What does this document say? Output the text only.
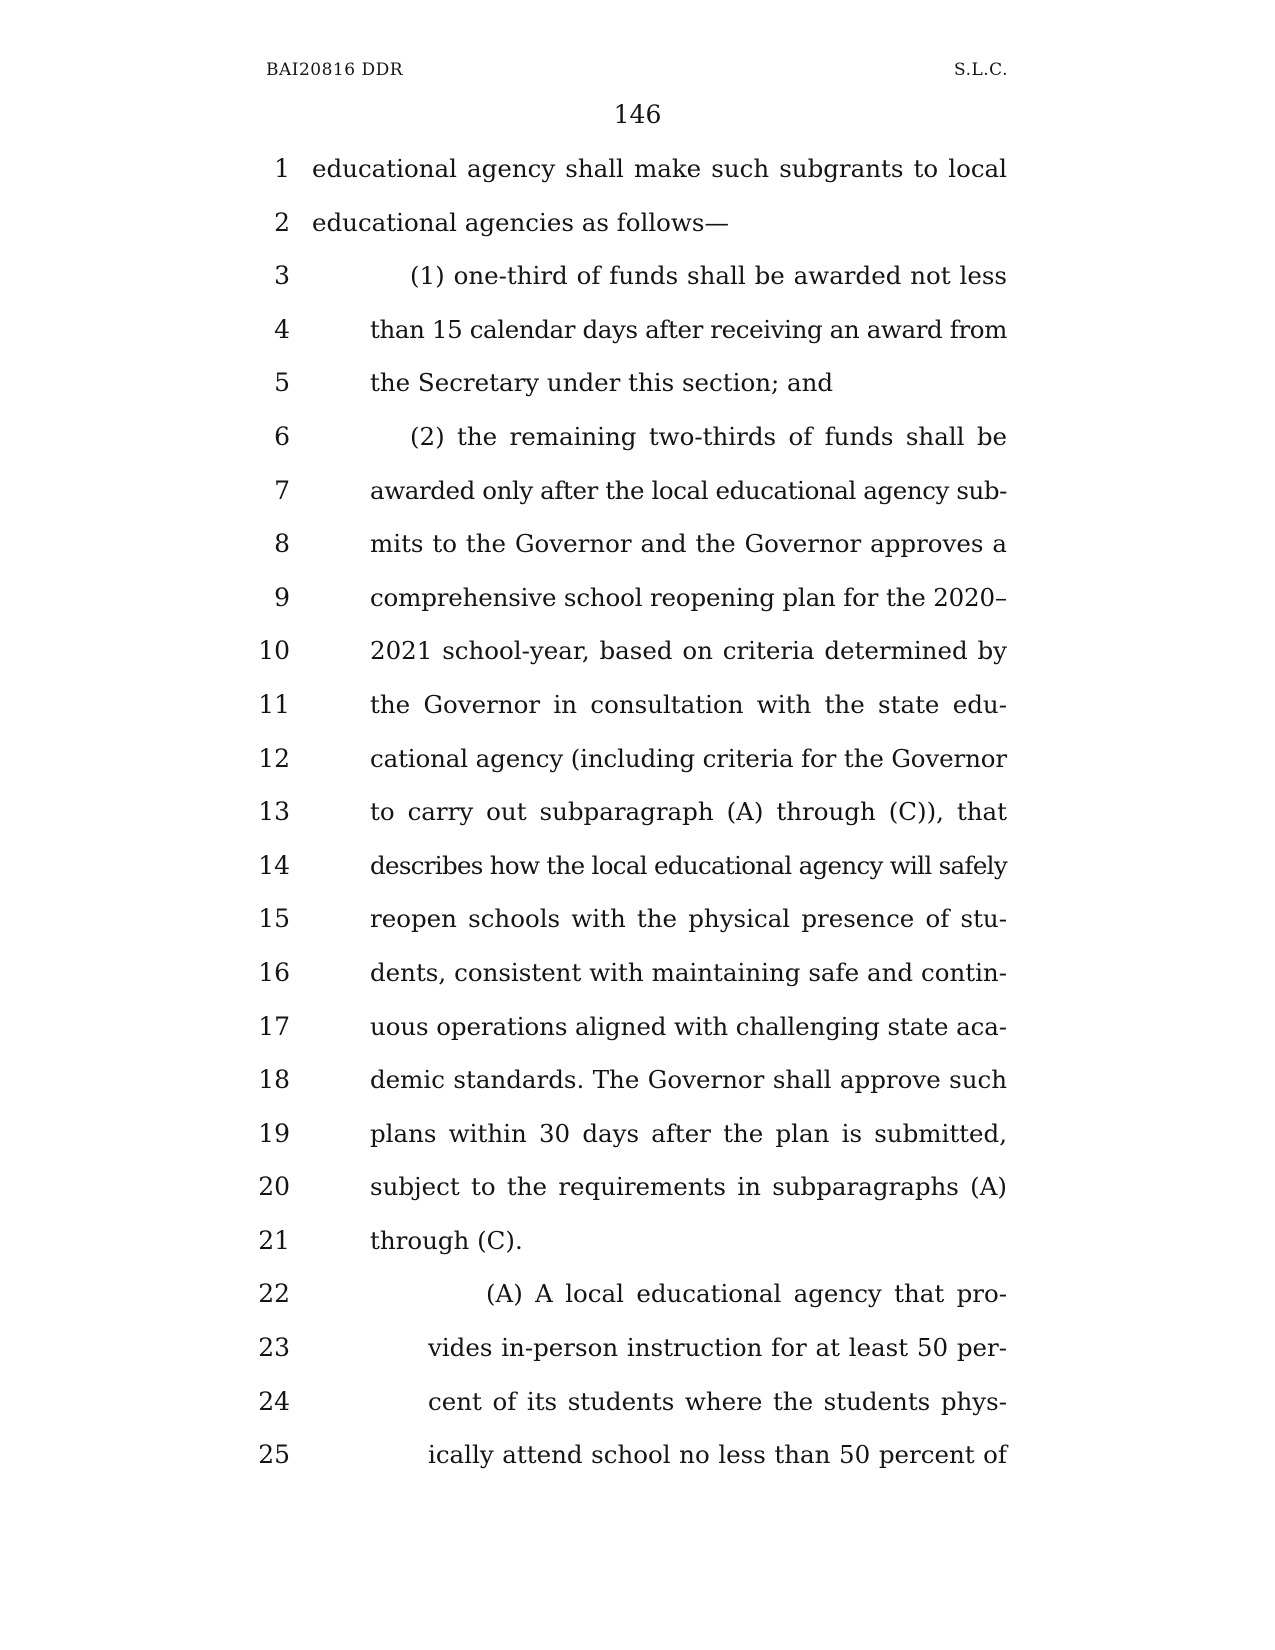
BAI20816 DDR	S.L.C.
146
1 educational agency shall make such subgrants to local
2 educational agencies as follows—
3	(1) one-third of funds shall be awarded not less
4	than 15 calendar days after receiving an award from
5	the Secretary under this section; and
6	(2) the remaining two-thirds of funds shall be
7	awarded only after the local educational agency sub-
8	mits to the Governor and the Governor approves a
9	comprehensive school reopening plan for the 2020–
10	2021 school-year, based on criteria determined by
11	the Governor in consultation with the state edu-
12	cational agency (including criteria for the Governor
13	to carry out subparagraph (A) through (C)), that
14	describes how the local educational agency will safely
15	reopen schools with the physical presence of stu-
16	dents, consistent with maintaining safe and contin-
17	uous operations aligned with challenging state aca-
18	demic standards. The Governor shall approve such
19	plans within 30 days after the plan is submitted,
20	subject to the requirements in subparagraphs (A)
21	through (C).
22	(A) A local educational agency that pro-
23	vides in-person instruction for at least 50 per-
24	cent of its students where the students phys-
25	ically attend school no less than 50 percent of
